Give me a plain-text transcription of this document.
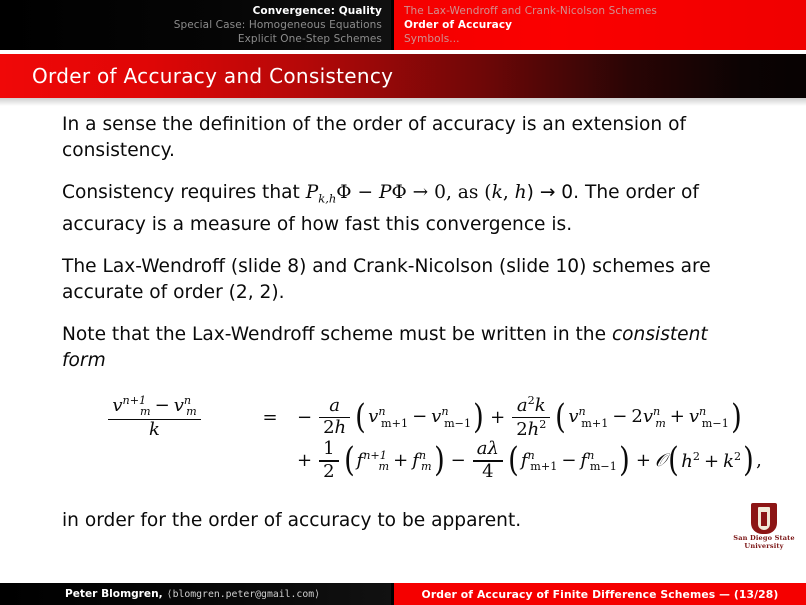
Convergence: Quality
Special Case: Homogeneous Equations
Explicit One-Step Schemes
The Lax-Wendroff and Crank-Nicolson Schemes
Order of Accuracy
Symbols...
Order of Accuracy and Consistency

In a sense the definition of the order of accuracy is an extension of consistency.

Consistency requires that $P_{k,h}\Phi - P\Phi \to 0$, as (k, h) → 0. The order of accuracy is a measure of how fast this convergence is.

The Lax-Wendroff (slide 8) and Crank-Nicolson (slide 10) schemes are accurate of order (2, 2).

Note that the Lax-Wendroff scheme must be written in the consistent form

$\frac{v^{n+1}_m - v^n_m}{k}$	=	− $\frac{a}{2h}$ ( $v^n_{m+1} - v^n_{m-1}$ ) + $\frac{a^2k}{2h^2}$ ( $v^n_{m+1} - 2v^n_m + v^n_{m-1}$ )
+ $\frac{1}{2}$ ( $f^{n+1}_m + f^n_m$ ) − $\frac{a\lambda}{4}$ ( $f^n_{m+1} - f^n_{m-1}$ ) + 𝒪 ( $h^2 + k^2$ ) ,

in order for the order of accuracy to be apparent.

San Diego State
University
Peter Blomgren, ⟨blomgren.peter@gmail.com⟩	Order of Accuracy of Finite Difference Schemes — (13/28)
